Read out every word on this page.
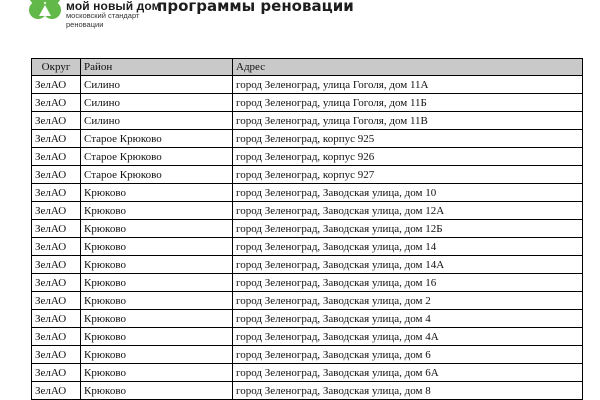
мой новый дом
московский стандарт
реновации
программы реновации
Округ	Район	Адрес
ЗелАО	Силино	город Зеленоград, улица Гоголя, дом 11А
ЗелАО	Силино	город Зеленоград, улица Гоголя, дом 11Б
ЗелАО	Силино	город Зеленоград, улица Гоголя, дом 11В
ЗелАО	Старое Крюково	город Зеленоград, корпус 925
ЗелАО	Старое Крюково	город Зеленоград, корпус 926
ЗелАО	Старое Крюково	город Зеленоград, корпус 927
ЗелАО	Крюково	город Зеленоград, Заводская улица, дом 10
ЗелАО	Крюково	город Зеленоград, Заводская улица, дом 12А
ЗелАО	Крюково	город Зеленоград, Заводская улица, дом 12Б
ЗелАО	Крюково	город Зеленоград, Заводская улица, дом 14
ЗелАО	Крюково	город Зеленоград, Заводская улица, дом 14А
ЗелАО	Крюково	город Зеленоград, Заводская улица, дом 16
ЗелАО	Крюково	город Зеленоград, Заводская улица, дом 2
ЗелАО	Крюково	город Зеленоград, Заводская улица, дом 4
ЗелАО	Крюково	город Зеленоград, Заводская улица, дом 4А
ЗелАО	Крюково	город Зеленоград, Заводская улица, дом 6
ЗелАО	Крюково	город Зеленоград, Заводская улица, дом 6А
ЗелАО	Крюково	город Зеленоград, Заводская улица, дом 8
